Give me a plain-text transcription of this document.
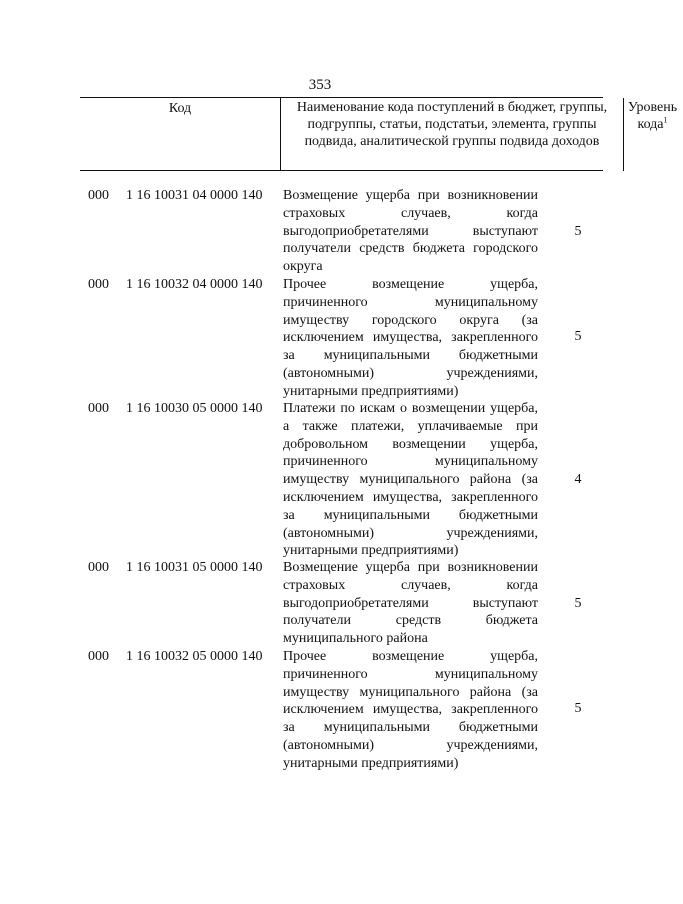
353
Код	Наименование кода поступлений в бюджет, группы, подгруппы, статьи, подстатьи, элемента, группы подвида, аналитической группы подвида доходов
Уровень кода$^1$
000 1 16 10031 04 0000 140 Возмещение ущерба при возникновении страховых случаев, когда выгодоприобретателями выступают получатели средств бюджета городского округа
5
000 1 16 10032 04 0000 140 Прочее возмещение ущерба, причиненного муниципальному имуществу городского округа (за исключением имущества, закрепленного за муниципальными бюджетными (автономными) учреждениями, унитарными предприятиями)
5
000 1 16 10030 05 0000 140 Платежи по искам о возмещении ущерба, а также платежи, уплачиваемые при добровольном возмещении ущерба, причиненного муниципальному имуществу муниципального района (за исключением имущества, закрепленного за муниципальными бюджетными (автономными) учреждениями, унитарными предприятиями)
4
000 1 16 10031 05 0000 140 Возмещение ущерба при возникновении страховых случаев, когда выгодоприобретателями выступают получатели средств бюджета муниципального района
5
000 1 16 10032 05 0000 140 Прочее возмещение ущерба, причиненного муниципальному имуществу муниципального района (за исключением имущества, закрепленного за муниципальными бюджетными (автономными) учреждениями, унитарными предприятиями)
5
